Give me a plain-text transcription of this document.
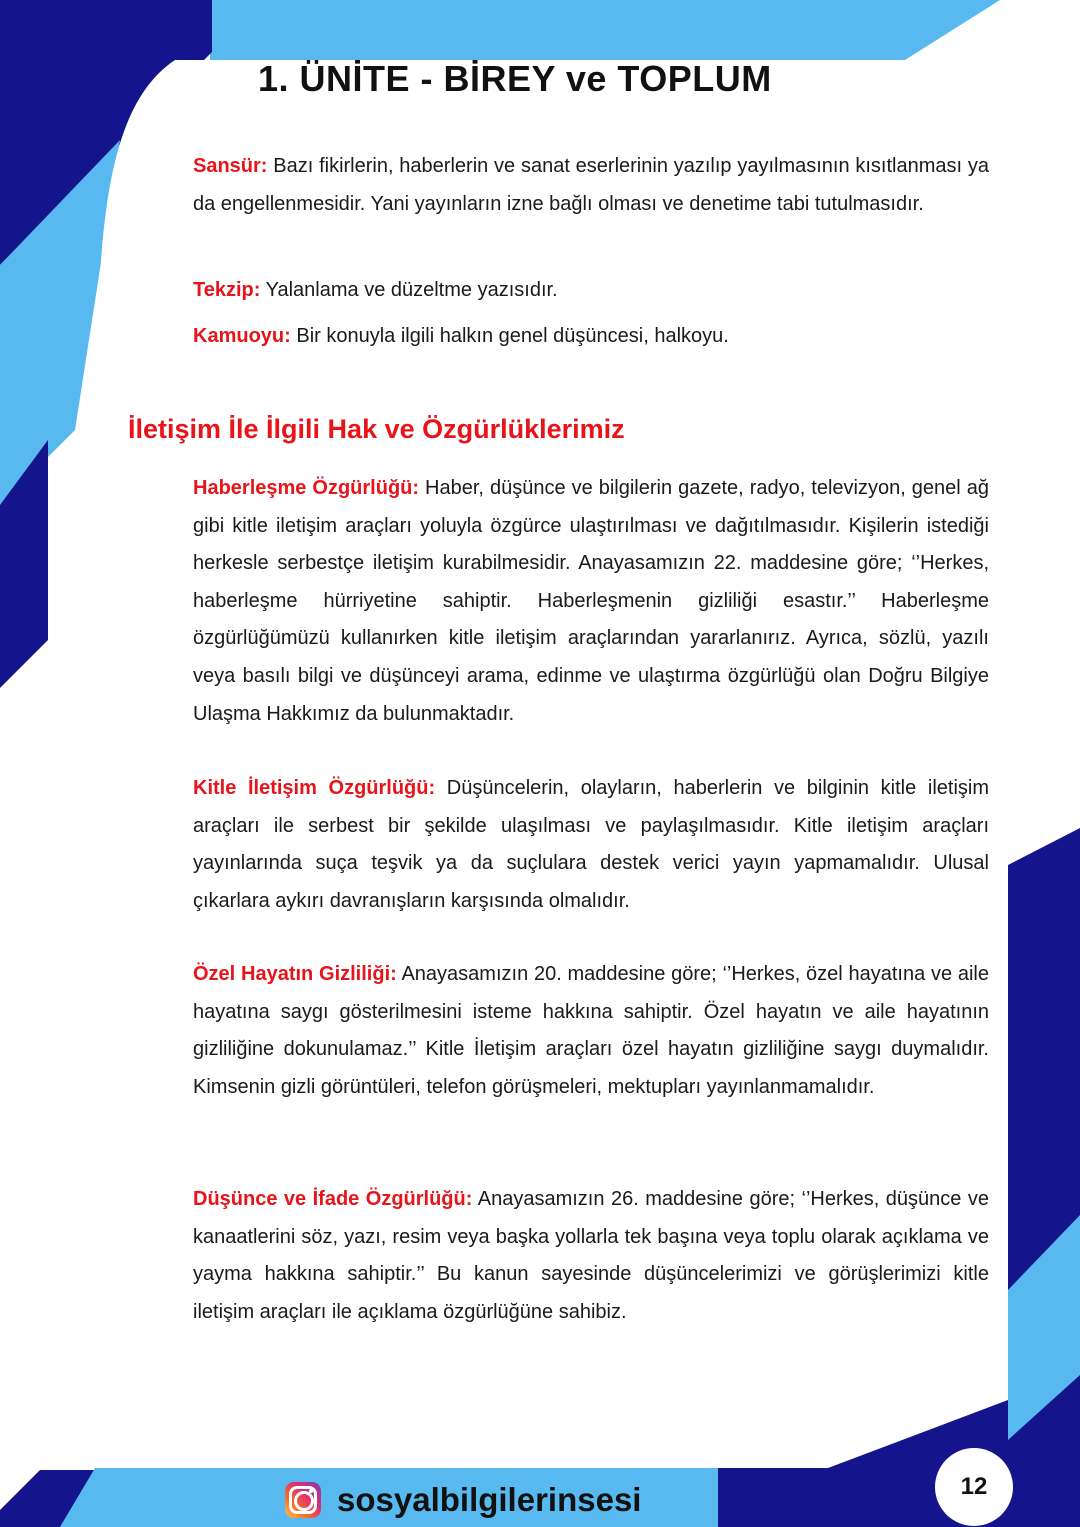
1. ÜNİTE - BİREY ve TOPLUM

Sansür: Bazı fikirlerin, haberlerin ve sanat eserlerinin yazılıp yayılmasının kısıtlanması ya da engellenmesidir. Yani yayınların izne bağlı olması ve denetime tabi tutulmasıdır.

Tekzip: Yalanlama ve düzeltme yazısıdır.

Kamuoyu: Bir konuyla ilgili halkın genel düşüncesi, halkoyu.

İletişim İle İlgili Hak ve Özgürlüklerimiz

Haberleşme Özgürlüğü: Haber, düşünce ve bilgilerin gazete, radyo, televizyon, genel ağ gibi kitle iletişim araçları yoluyla özgürce ulaştırılması ve dağıtılmasıdır. Kişilerin istediği herkesle serbestçe iletişim kurabilmesidir. Anayasamızın 22. maddesine göre; ‘’Herkes, haberleşme hürriyetine sahiptir. Haberleşmenin gizliliği esastır.’’ Haberleşme özgürlüğümüzü kullanırken kitle iletişim araçlarından yararlanırız. Ayrıca, sözlü, yazılı veya basılı bilgi ve düşünceyi arama, edinme ve ulaştırma özgürlüğü olan Doğru Bilgiye Ulaşma Hakkımız da bulunmaktadır.

Kitle İletişim Özgürlüğü: Düşüncelerin, olayların, haberlerin ve bilginin kitle iletişim araçları ile serbest bir şekilde ulaşılması ve paylaşılmasıdır. Kitle iletişim araçları yayınlarında suça teşvik ya da suçlulara destek verici yayın yapmamalıdır. Ulusal çıkarlara aykırı davranışların karşısında olmalıdır.

Özel Hayatın Gizliliği: Anayasamızın 20. maddesine göre; ‘’Herkes, özel hayatına ve aile hayatına saygı gösterilmesini isteme hakkına sahiptir. Özel hayatın ve aile hayatının gizliliğine dokunulamaz.’’ Kitle İletişim araçları özel hayatın gizliliğine saygı duymalıdır. Kimsenin gizli görüntüleri, telefon görüşmeleri, mektupları yayınlanmamalıdır.

Düşünce ve İfade Özgürlüğü: Anayasamızın 26. maddesine göre; ‘’Herkes, düşünce ve kanaatlerini söz, yazı, resim veya başka yollarla tek başına veya toplu olarak açıklama ve yayma hakkına sahiptir.’’ Bu kanun sayesinde düşüncelerimizi ve görüşlerimizi kitle iletişim araçları ile açıklama özgürlüğüne sahibiz.

sosyalbilgilerinsesi	12
